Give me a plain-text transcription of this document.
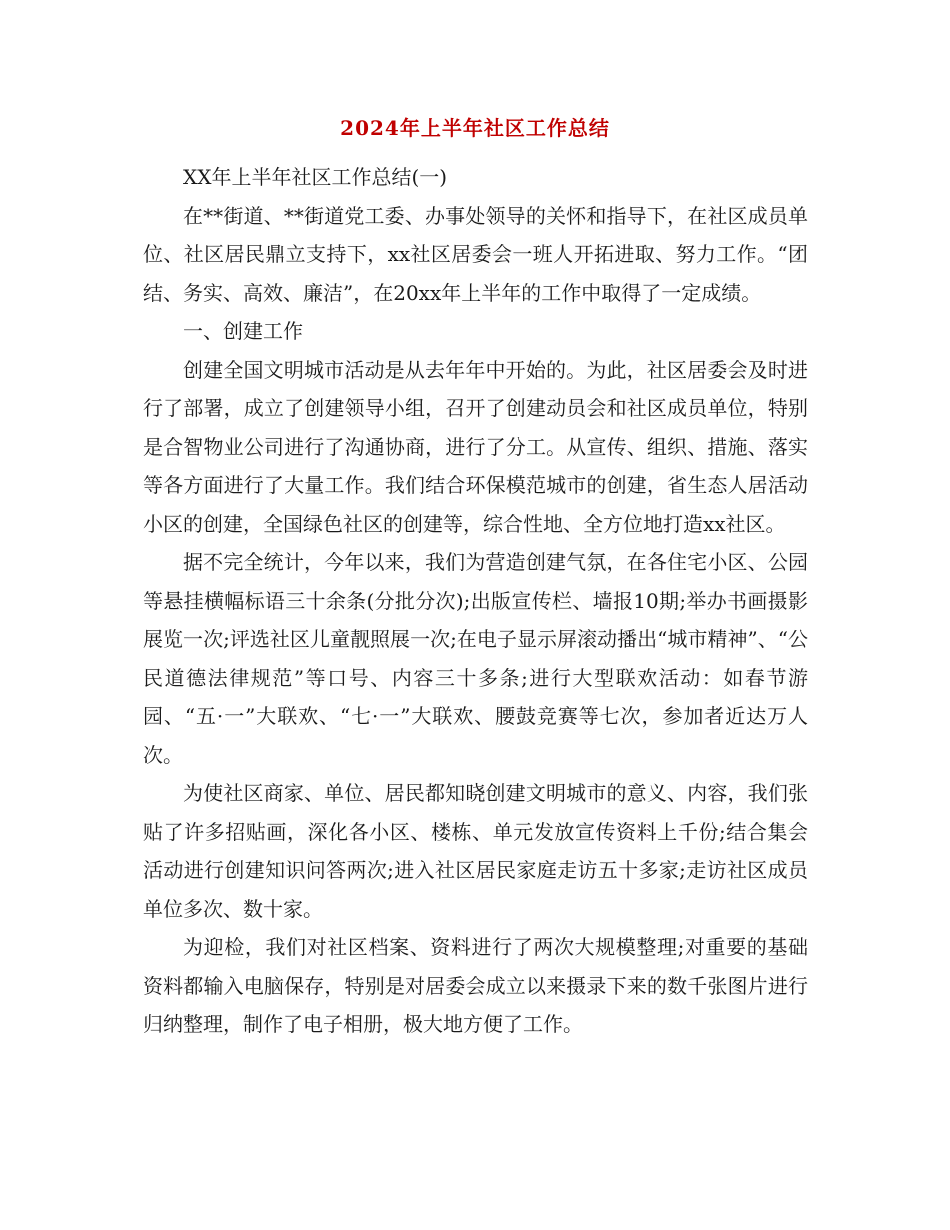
2024年上半年社区工作总结

XX年上半年社区工作总结(一)

在**街道、**街道党工委、办事处领导的关怀和指导下，在社区成员单位、社区居民鼎立支持下，xx社区居委会一班人开拓进取、努力工作。“团结、务实、高效、廉洁”，在20xx年上半年的工作中取得了一定成绩。

一、创建工作

创建全国文明城市活动是从去年年中开始的。为此，社区居委会及时进行了部署，成立了创建领导小组，召开了创建动员会和社区成员单位，特别是合智物业公司进行了沟通协商，进行了分工。从宣传、组织、措施、落实等各方面进行了大量工作。我们结合环保模范城市的创建，省生态人居活动小区的创建，全国绿色社区的创建等，综合性地、全方位地打造xx社区。

据不完全统计，今年以来，我们为营造创建气氛，在各住宅小区、公园等悬挂横幅标语三十余条(分批分次);出版宣传栏、墙报10期;举办书画摄影展览一次;评选社区儿童靓照展一次;在电子显示屏滚动播出“城市精神”、“公民道德法律规范”等口号、内容三十多条;进行大型联欢活动：如春节游园、“五·一”大联欢、“七·一”大联欢、腰鼓竞赛等七次，参加者近达万人次。

为使社区商家、单位、居民都知晓创建文明城市的意义、内容，我们张贴了许多招贴画，深化各小区、楼栋、单元发放宣传资料上千份;结合集会活动进行创建知识问答两次;进入社区居民家庭走访五十多家;走访社区成员单位多次、数十家。

为迎检，我们对社区档案、资料进行了两次大规模整理;对重要的基础资料都输入电脑保存，特别是对居委会成立以来摄录下来的数千张图片进行归纳整理，制作了电子相册，极大地方便了工作。
